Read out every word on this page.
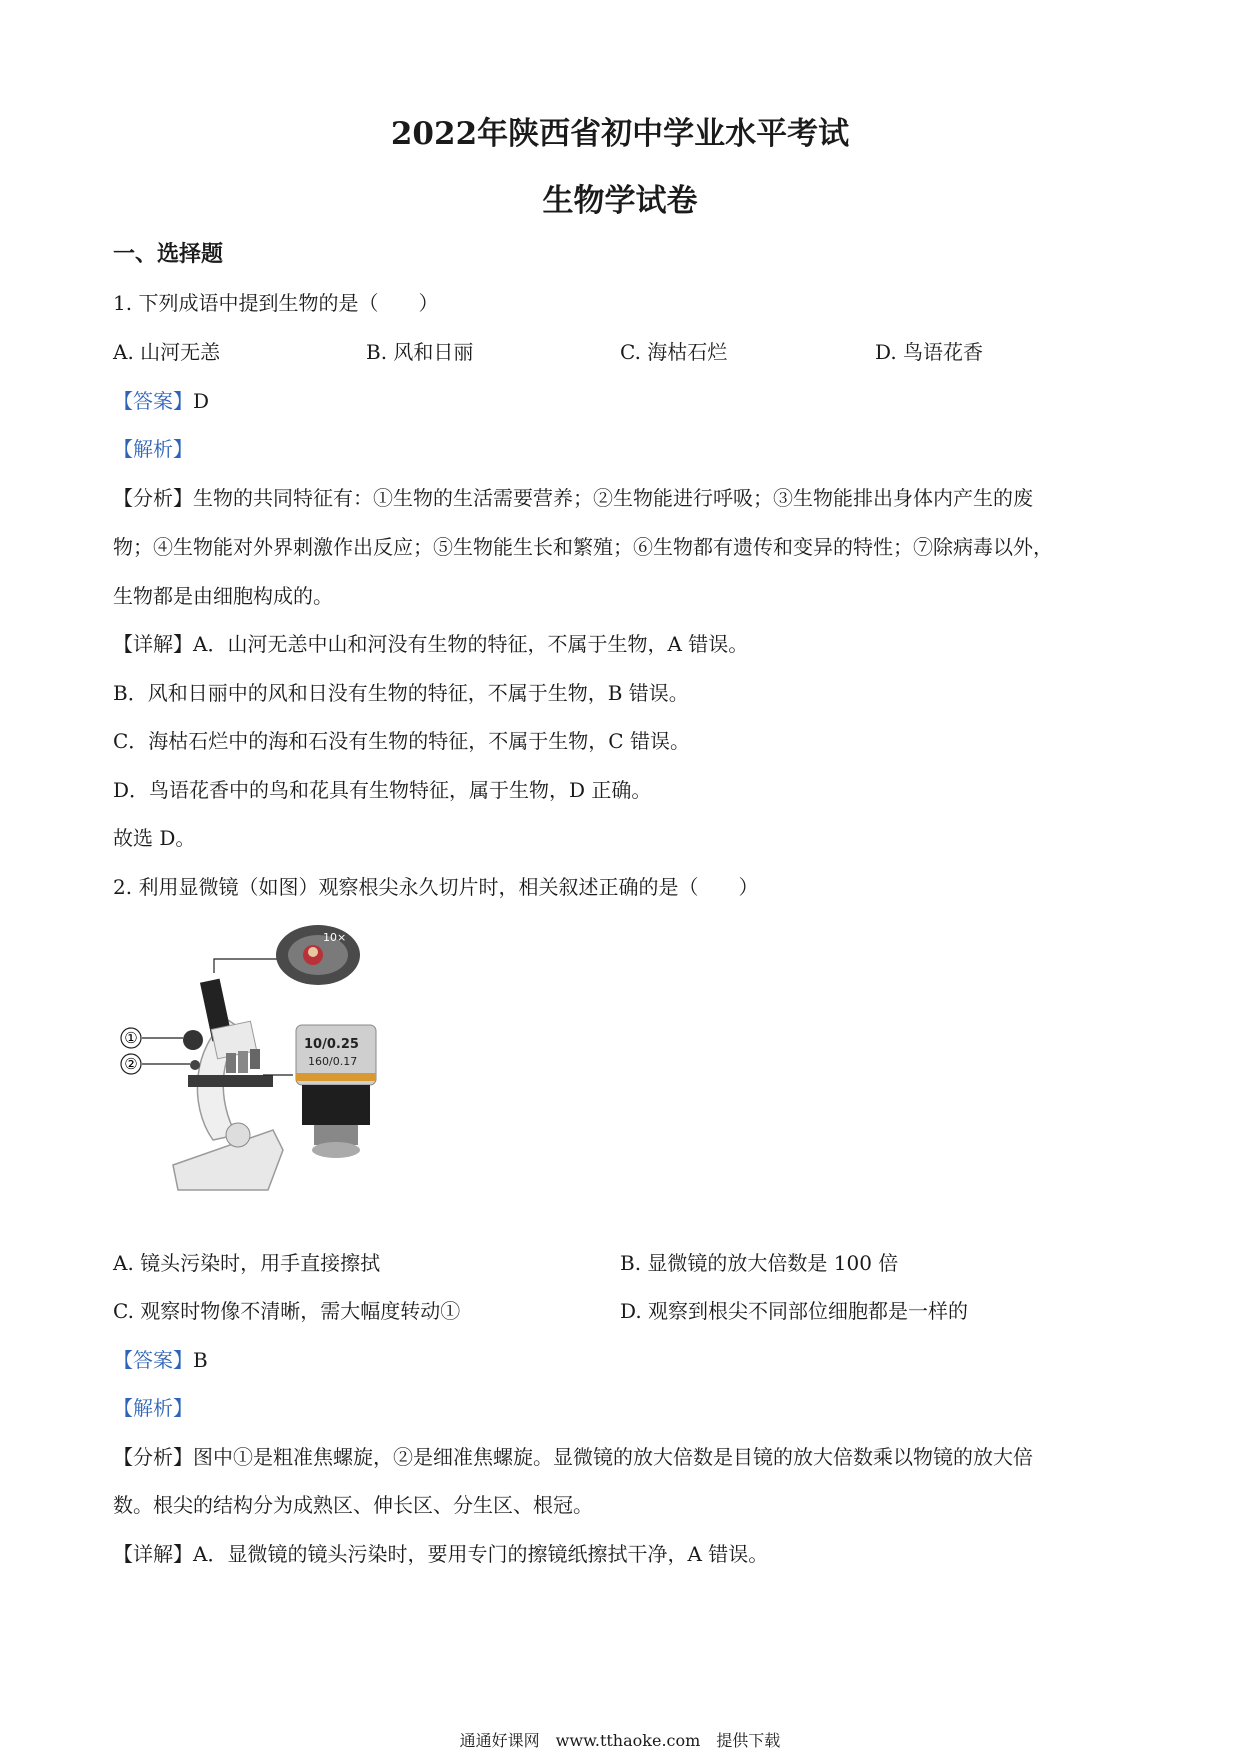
2022年陕西省初中学业水平考试
生物学试卷
一、选择题
1. 下列成语中提到生物的是（　　）
A. 山河无恙	B. 风和日丽	C. 海枯石烂	D. 鸟语花香
【答案】D
【解析】
【分析】生物的共同特征有：①生物的生活需要营养；②生物能进行呼吸；③生物能排出身体内产生的废
物；④生物能对外界刺激作出反应；⑤生物能生长和繁殖；⑥生物都有遗传和变异的特性；⑦除病毒以外，
生物都是由细胞构成的。
【详解】A．山河无恙中山和河没有生物的特征，不属于生物，A 错误。
B．风和日丽中的风和日没有生物的特征，不属于生物，B 错误。
C．海枯石烂中的海和石没有生物的特征，不属于生物，C 错误。
D．鸟语花香中的鸟和花具有生物特征，属于生物，D 正确。
故选 D。
2. 利用显微镜（如图）观察根尖永久切片时，相关叙述正确的是（　　）
①
②
10×
10/0.25
160/0.17
A. 镜头污染时，用手直接擦拭	B. 显微镜的放大倍数是 100 倍
C. 观察时物像不清晰，需大幅度转动①	D. 观察到根尖不同部位细胞都是一样的
【答案】B
【解析】
【分析】图中①是粗准焦螺旋，②是细准焦螺旋。显微镜的放大倍数是目镜的放大倍数乘以物镜的放大倍
数。根尖的结构分为成熟区、伸长区、分生区、根冠。
【详解】A．显微镜的镜头污染时，要用专门的擦镜纸擦拭干净，A 错误。
通通好课网　www.tthaoke.com　提供下载
